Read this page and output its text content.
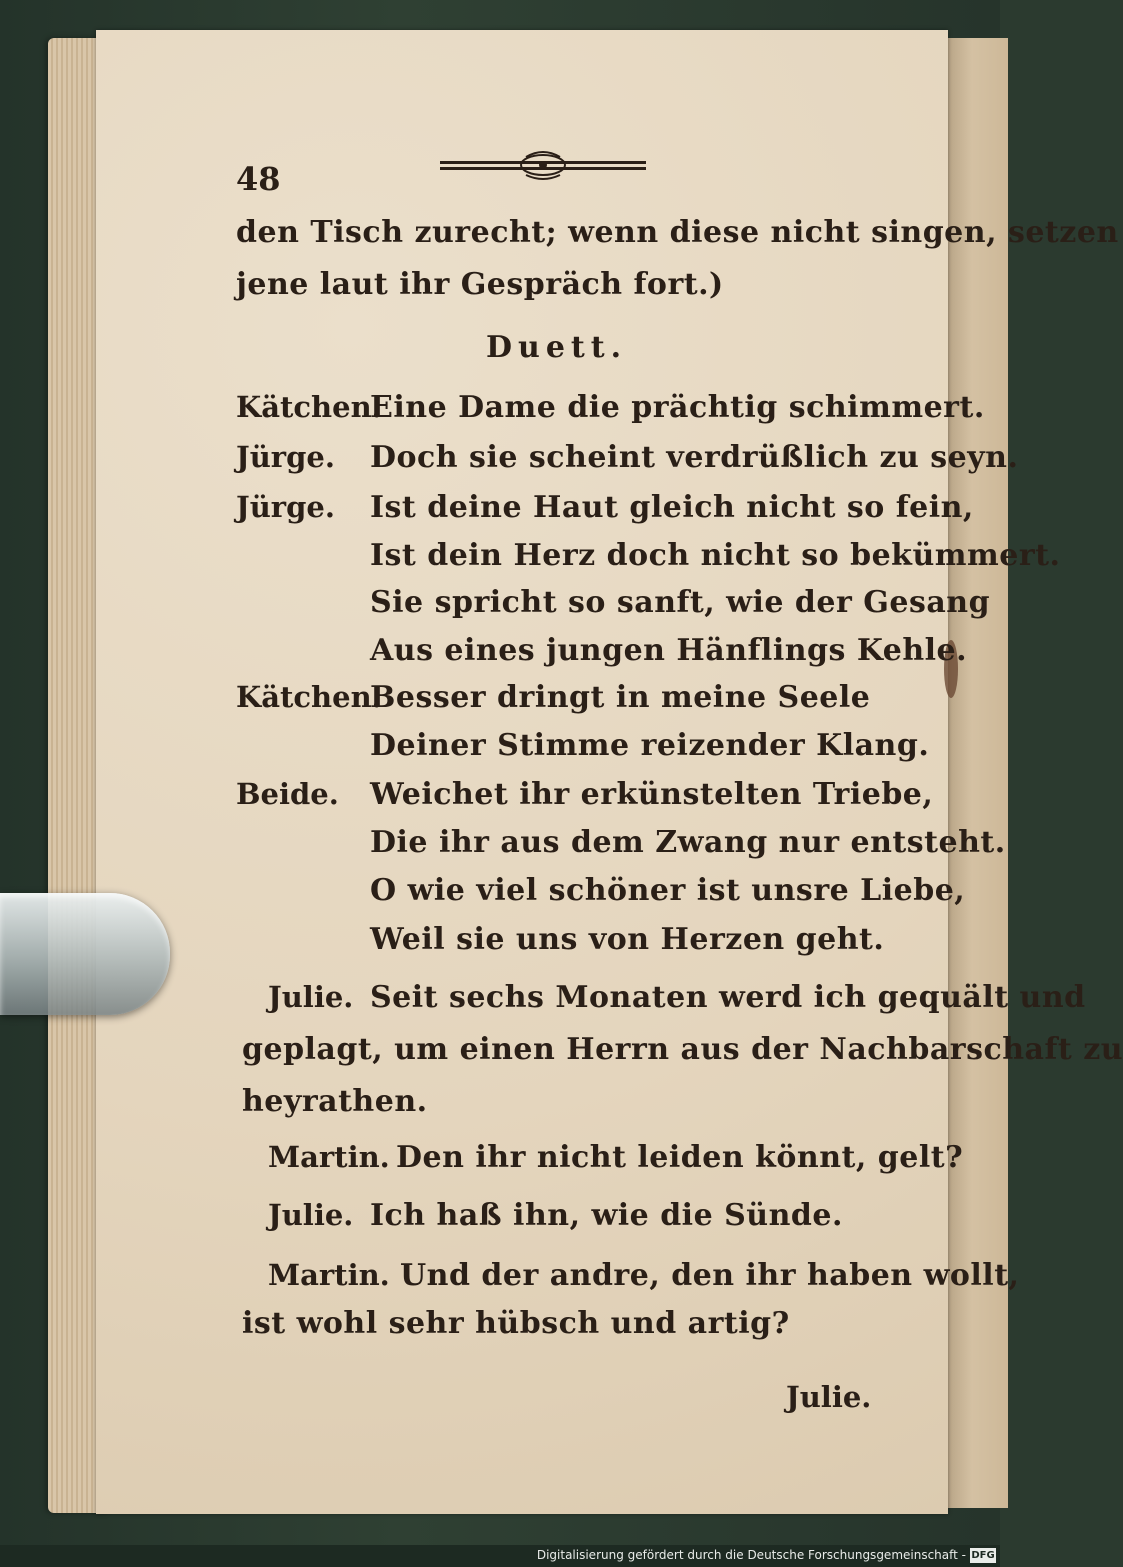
48
den Tisch zurecht; wenn diese nicht singen, setzen
jene laut ihr Gespräch fort.)
Duett.
Kätchen.
Eine Dame die prächtig schimmert.
Jürge. Doch sie scheint verdrüßlich zu seyn.
Jürge. Ist deine Haut gleich nicht so fein,
Ist dein Herz doch nicht so bekümmert.
Sie spricht so sanft, wie der Gesang
Aus eines jungen Hänflings Kehle.
Kätchen.
Besser dringt in meine Seele
Deiner Stimme reizender Klang.
Beide. Weichet ihr erkünstelten Triebe,
Die ihr aus dem Zwang nur entsteht.
O wie viel schöner ist unsre Liebe,
Weil sie uns von Herzen geht.
Julie. Seit sechs Monaten werd ich gequält und
geplagt, um einen Herrn aus der Nachbarschaft zu
heyrathen.
Martin. Den ihr nicht leiden könnt, gelt?
Julie. Ich haß ihn, wie die Sünde.
Martin. Und der andre, den ihr haben wollt,
ist wohl sehr hübsch und artig?
Julie.
Digitalisierung gefördert durch die Deutsche Forschungsgemeinschaft - DFG
